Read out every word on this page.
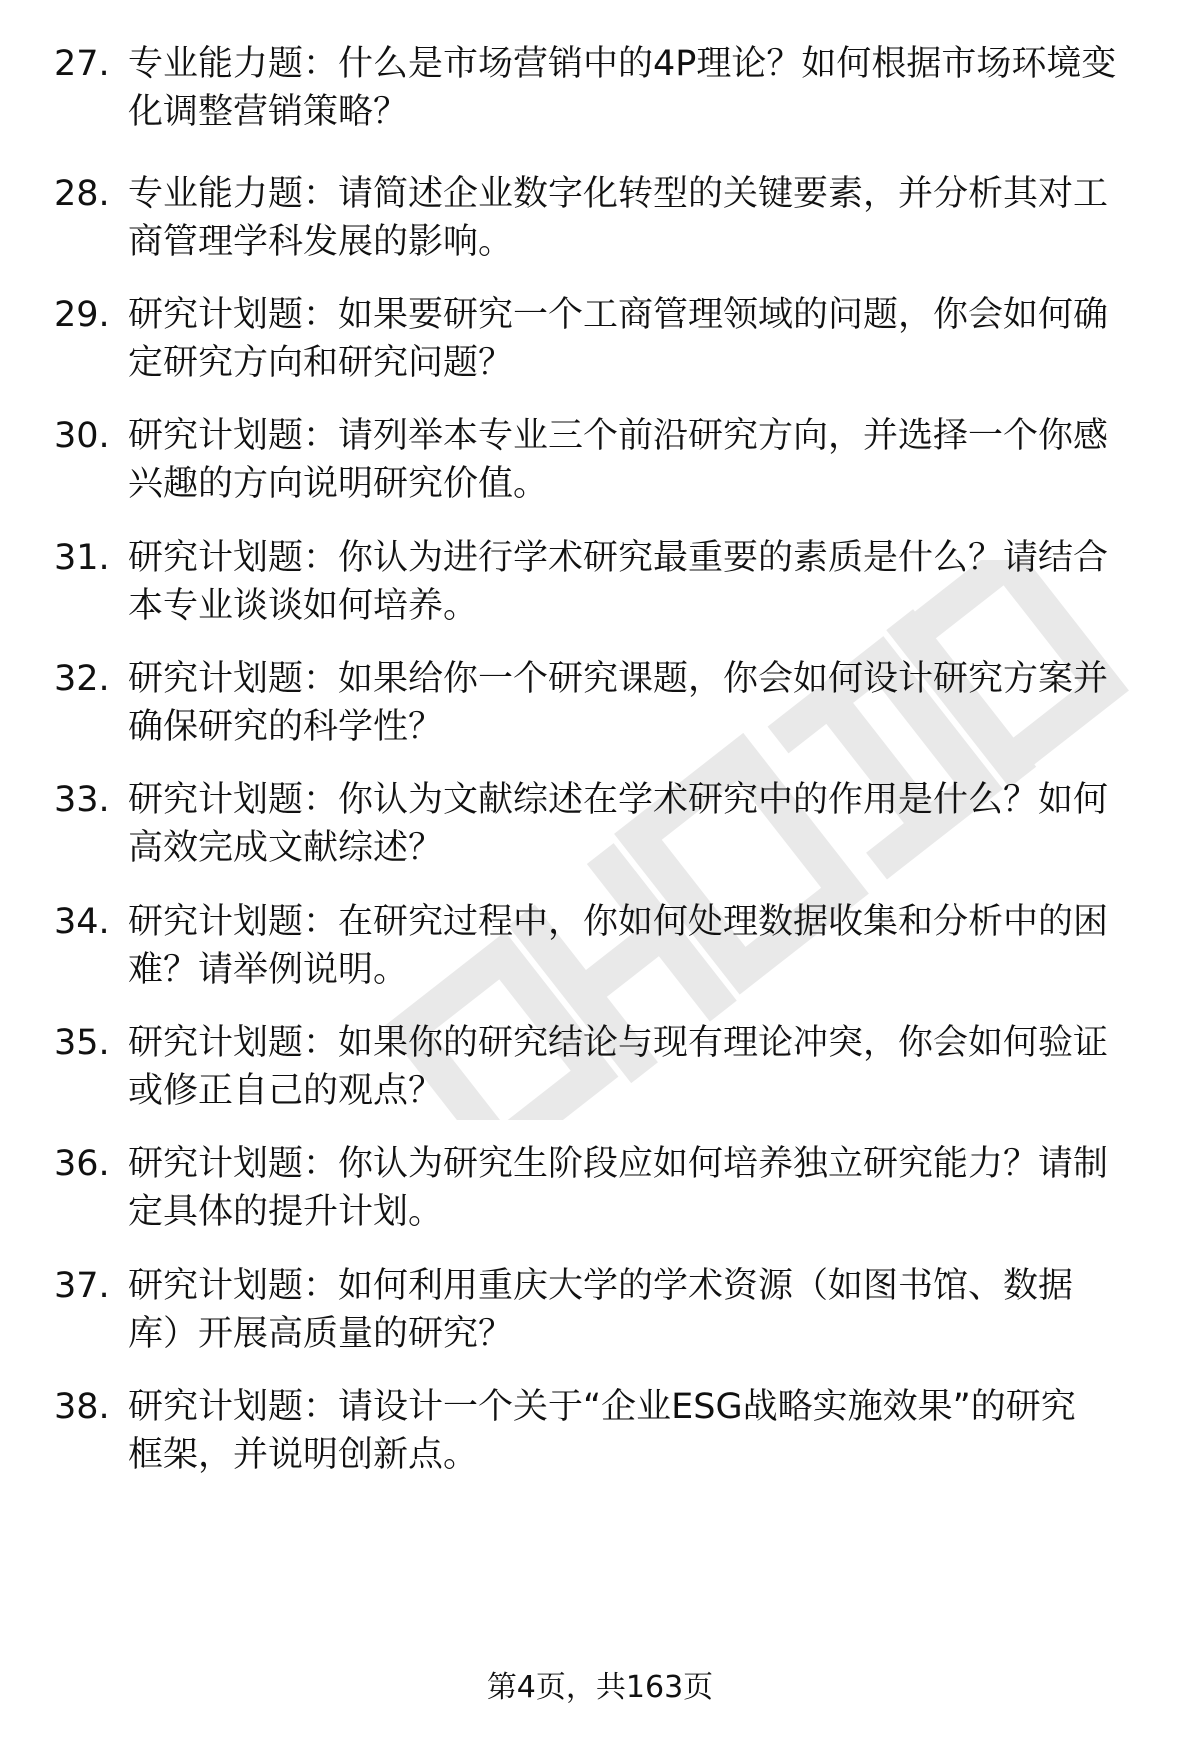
27. 专业能力题：什么是市场营销中的4P理论？如何根据市场环境变
化调整营销策略？

28. 专业能力题：请简述企业数字化转型的关键要素，并分析其对工
商管理学科发展的影响。

29. 研究计划题：如果要研究一个工商管理领域的问题，你会如何确
定研究方向和研究问题？

30. 研究计划题：请列举本专业三个前沿研究方向，并选择一个你感
兴趣的方向说明研究价值。

31. 研究计划题：你认为进行学术研究最重要的素质是什么？请结合
本专业谈谈如何培养。

32. 研究计划题：如果给你一个研究课题，你会如何设计研究方案并
确保研究的科学性？

33. 研究计划题：你认为文献综述在学术研究中的作用是什么？如何
高效完成文献综述？

34. 研究计划题：在研究过程中，你如何处理数据收集和分析中的困
难？请举例说明。

35. 研究计划题：如果你的研究结论与现有理论冲突，你会如何验证
或修正自己的观点？

36. 研究计划题：你认为研究生阶段应如何培养独立研究能力？请制
定具体的提升计划。

37. 研究计划题：如何利用重庆大学的学术资源（如图书馆、数据
库）开展高质量的研究？

38. 研究计划题：请设计一个关于“企业ESG战略实施效果”的研究
框架，并说明创新点。

第4页，共163页
